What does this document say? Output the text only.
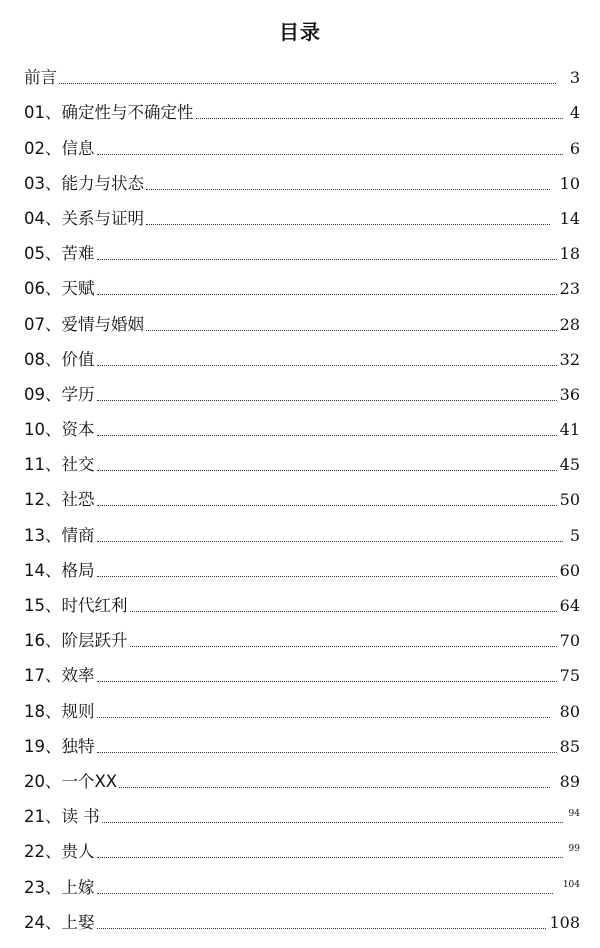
目录
前言	3
01、确定性与不确定性	4
02、信息	6
03、能力与状态	10
04、关系与证明	14
05、苦难	18
06、天赋	23
07、爱情与婚姻	28
08、价值	32
09、学历	36
10、资本	41
11、社交	45
12、社恐	50
13、情商	5
14、格局	60
15、时代红利	64
16、阶层跃升	70
17、效率	75
18、规则	80
19、独特	85
20、一个XX	89
21、读 书	94
22、贵人	99
23、上嫁	104
24、上娶	108
